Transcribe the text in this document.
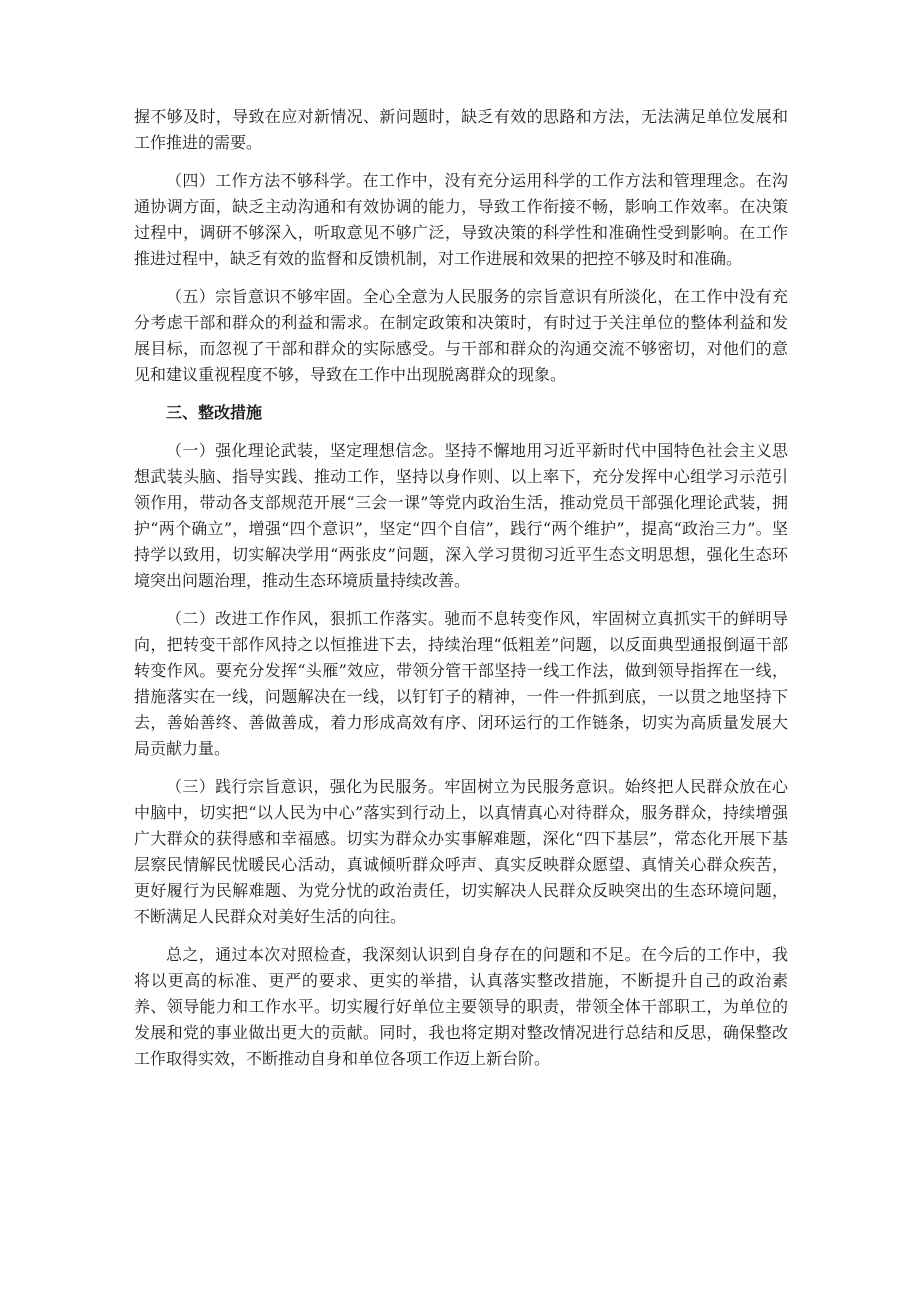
握不够及时，导致在应对新情况、新问题时，缺乏有效的思路和方法，无法满足单位发展和工作推进的需要。

（四）工作方法不够科学。在工作中，没有充分运用科学的工作方法和管理理念。在沟通协调方面，缺乏主动沟通和有效协调的能力，导致工作衔接不畅，影响工作效率。在决策过程中，调研不够深入，听取意见不够广泛，导致决策的科学性和准确性受到影响。在工作推进过程中，缺乏有效的监督和反馈机制，对工作进展和效果的把控不够及时和准确。

（五）宗旨意识不够牢固。全心全意为人民服务的宗旨意识有所淡化，在工作中没有充分考虑干部和群众的利益和需求。在制定政策和决策时，有时过于关注单位的整体利益和发展目标，而忽视了干部和群众的实际感受。与干部和群众的沟通交流不够密切，对他们的意见和建议重视程度不够，导致在工作中出现脱离群众的现象。

三、整改措施

（一）强化理论武装，坚定理想信念。坚持不懈地用习近平新时代中国特色社会主义思想武装头脑、指导实践、推动工作，坚持以身作则、以上率下，充分发挥中心组学习示范引领作用，带动各支部规范开展“三会一课”等党内政治生活，推动党员干部强化理论武装，拥护“两个确立”，增强“四个意识”，坚定“四个自信”，践行“两个维护”，提高“政治三力”。坚持学以致用，切实解决学用“两张皮”问题，深入学习贯彻习近平生态文明思想，强化生态环境突出问题治理，推动生态环境质量持续改善。

（二）改进工作作风，狠抓工作落实。驰而不息转变作风，牢固树立真抓实干的鲜明导向，把转变干部作风持之以恒推进下去，持续治理“低粗差”问题，以反面典型通报倒逼干部转变作风。要充分发挥“头雁”效应，带领分管干部坚持一线工作法，做到领导指挥在一线，措施落实在一线，问题解决在一线，以钉钉子的精神，一件一件抓到底，一以贯之地坚持下去，善始善终、善做善成，着力形成高效有序、闭环运行的工作链条，切实为高质量发展大局贡献力量。

（三）践行宗旨意识，强化为民服务。牢固树立为民服务意识。始终把人民群众放在心中脑中，切实把“以人民为中心”落实到行动上，以真情真心对待群众，服务群众，持续增强广大群众的获得感和幸福感。切实为群众办实事解难题，深化“四下基层”，常态化开展下基层察民情解民忧暖民心活动，真诚倾听群众呼声、真实反映群众愿望、真情关心群众疾苦，更好履行为民解难题、为党分忧的政治责任，切实解决人民群众反映突出的生态环境问题，不断满足人民群众对美好生活的向往。

总之，通过本次对照检查，我深刻认识到自身存在的问题和不足。在今后的工作中，我将以更高的标准、更严的要求、更实的举措，认真落实整改措施，不断提升自己的政治素养、领导能力和工作水平。切实履行好单位主要领导的职责，带领全体干部职工，为单位的发展和党的事业做出更大的贡献。同时，我也将定期对整改情况进行总结和反思，确保整改工作取得实效，不断推动自身和单位各项工作迈上新台阶。
